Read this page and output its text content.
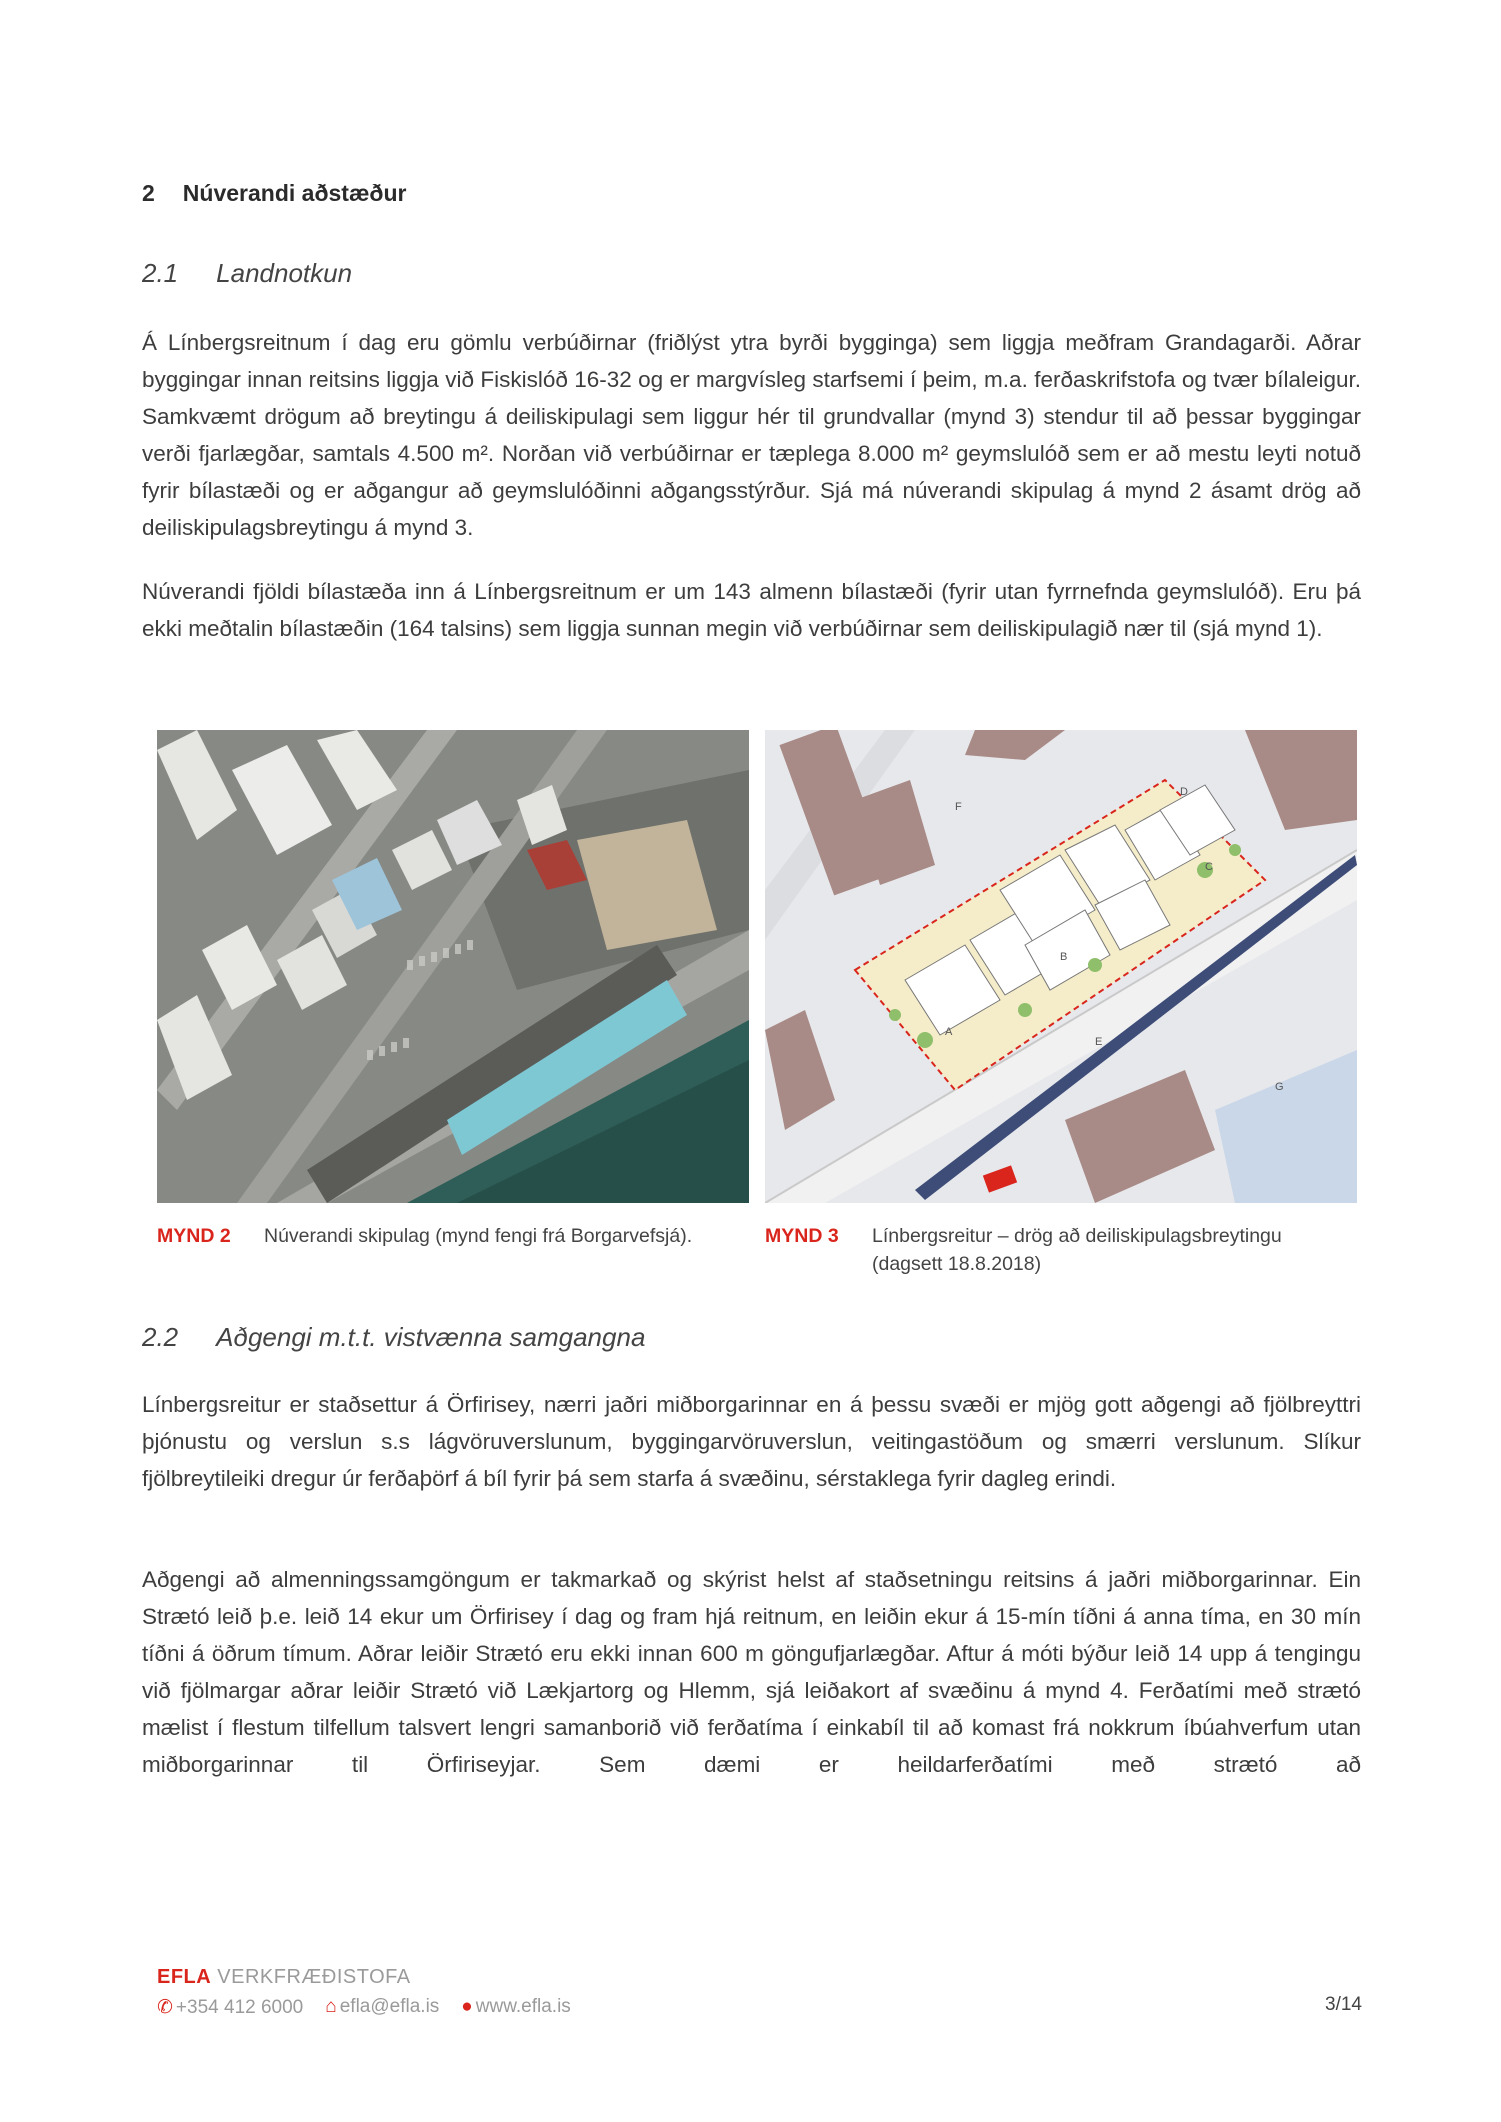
2 Núverandi aðstæður
2.1 Landnotkun

Á Línbergsreitnum í dag eru gömlu verbúðirnar (friðlýst ytra byrði bygginga) sem liggja meðfram Grandagarði. Aðrar byggingar innan reitsins liggja við Fiskislóð 16-32 og er margvísleg starfsemi í þeim, m.a. ferðaskrifstofa og tvær bílaleigur. Samkvæmt drögum að breytingu á deiliskipulagi sem liggur hér til grundvallar (mynd 3) stendur til að þessar byggingar verði fjarlægðar, samtals 4.500 m². Norðan við verbúðirnar er tæplega 8.000 m² geymslulóð sem er að mestu leyti notuð fyrir bílastæði og er aðgangur að geymslulóðinni aðgangsstýrður. Sjá má núverandi skipulag á mynd 2 ásamt drög að deiliskipulagsbreytingu á mynd 3.

Núverandi fjöldi bílastæða inn á Línbergsreitnum er um 143 almenn bílastæði (fyrir utan fyrrnefnda geymslulóð). Eru þá ekki meðtalin bílastæðin (164 talsins) sem liggja sunnan megin við verbúðirnar sem deiliskipulagið nær til (sjá mynd 1).

A
B
C
D
E
F
G
MYND 2	Núverandi skipulag (mynd fengi frá Borgarvefsjá).	MYND 3	Línbergsreitur – drög að deiliskipulagsbreytingu
(dagsett 18.8.2018)
2.2 Aðgengi m.t.t. vistvænna samgangna

Línbergsreitur er staðsettur á Örfirisey, nærri jaðri miðborgarinnar en á þessu svæði er mjög gott aðgengi að fjölbreyttri þjónustu og verslun s.s lágvöruverslunum, byggingarvöruverslun, veitingastöðum og smærri verslunum. Slíkur fjölbreytileiki dregur úr ferðaþörf á bíl fyrir þá sem starfa á svæðinu, sérstaklega fyrir dagleg erindi.

Aðgengi að almenningssamgöngum er takmarkað og skýrist helst af staðsetningu reitsins á jaðri miðborgarinnar. Ein Strætó leið þ.e. leið 14 ekur um Örfirisey í dag og fram hjá reitnum, en leiðin ekur á 15-mín tíðni á anna tíma, en 30 mín tíðni á öðrum tímum. Aðrar leiðir Strætó eru ekki innan 600 m göngufjarlægðar. Aftur á móti býður leið 14 upp á tengingu við fjölmargar aðrar leiðir Strætó við Lækjartorg og Hlemm, sjá leiðakort af svæðinu á mynd 4. Ferðatími með strætó mælist í flestum tilfellum talsvert lengri samanborið við ferðatíma í einkabíl til að komast frá nokkrum íbúahverfum utan miðborgarinnar til Örfiriseyjar. Sem dæmi er heildarferðatími með strætó að

EFLA VERKFRÆÐISTOFA
✆ +354 412 6000 ⌂ efla@efla.is ● www.efla.is	3/14
